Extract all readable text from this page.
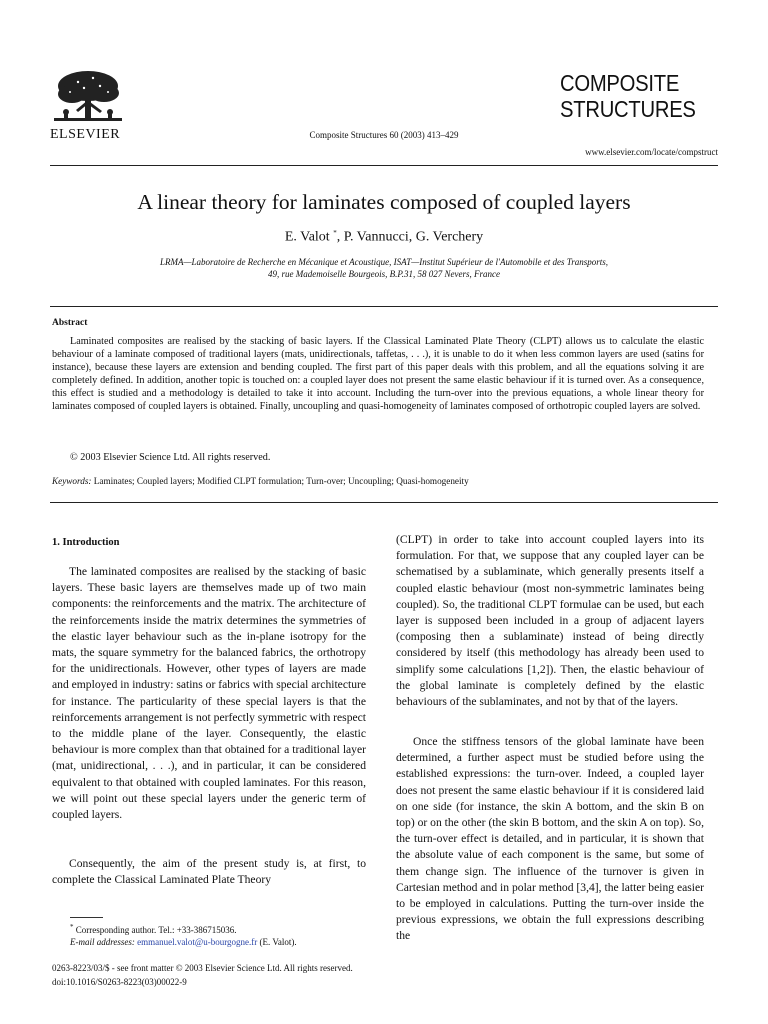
ELSEVIER	Composite Structures 60 (2003) 413–429
COMPOSITE
STRUCTURES
www.elsevier.com/locate/compstruct
A linear theory for laminates composed of coupled layers
E. Valot *, P. Vannucci, G. Verchery
LRMA—Laboratoire de Recherche en Mécanique et Acoustique, ISAT—Institut Supérieur de l'Automobile et des Transports,
49, rue Mademoiselle Bourgeois, B.P.31, 58 027 Nevers, France
Abstract
Laminated composites are realised by the stacking of basic layers. If the Classical Laminated Plate Theory (CLPT) allows us to calculate the elastic behaviour of a laminate composed of traditional layers (mats, unidirectionals, taffetas, . . .), it is unable to do it when less common layers are used (satins for instance), because these layers are extension and bending coupled. The first part of this paper deals with this problem, and all the equations solving it are completely defined. In addition, another topic is touched on: a coupled layer does not present the same elastic behaviour if it is turned over. As a consequence, this effect is studied and a methodology is detailed to take it into account. Including the turn-over into the previous equations, a whole linear theory for laminates composed of coupled layers is obtained. Finally, uncoupling and quasi-homogeneity of laminates composed of orthotropic coupled layers are solved.
© 2003 Elsevier Science Ltd. All rights reserved.
Keywords: Laminates; Coupled layers; Modified CLPT formulation; Turn-over; Uncoupling; Quasi-homogeneity
1. Introduction
The laminated composites are realised by the stacking of basic layers. These basic layers are themselves made up of two main components: the reinforcements and the matrix. The architecture of the reinforcements inside the matrix determines the symmetries of the elastic layer behaviour such as the in-plane isotropy for the mats, the square symmetry for the balanced fabrics, the orthotropy for the unidirectionals. However, other types of layers are made and employed in industry: satins or fabrics with special architecture for instance. The particularity of these special layers is that the reinforcements arrangement is not perfectly symmetric with respect to the middle plane of the layer. Consequently, the elastic behaviour is more complex than that obtained for a traditional layer (mat, unidirectional, . . .), and in particular, it can be considered equivalent to that obtained with coupled laminates. For this reason, we will point out these special layers under the generic term of coupled layers.
Consequently, the aim of the present study is, at first, to complete the Classical Laminated Plate Theory
(CLPT) in order to take into account coupled layers into its formulation. For that, we suppose that any coupled layer can be schematised by a sublaminate, which generally presents itself a coupled elastic behaviour (most non-symmetric laminates being coupled). So, the traditional CLPT formulae can be used, but each layer is supposed been included in a group of adjacent layers (composing then a sublaminate) instead of being directly considered by itself (this methodology has already been used to simplify some calculations [1,2]). Then, the elastic behaviour of the global laminate is completely defined by the elastic behaviours of the sublaminates, and not by that of the layers.
Once the stiffness tensors of the global laminate have been determined, a further aspect must be studied before using the established expressions: the turn-over. Indeed, a coupled layer does not present the same elastic behaviour if it is considered laid on one side (for instance, the skin A bottom, and the skin B on top) or on the other (the skin B bottom, and the skin A on top). So, the turn-over effect is detailed, and in particular, it is shown that the absolute value of each component is the same, but some of them change sign. The influence of the turnover is given in Cartesian method and in polar method [3,4], the latter being easier to be employed in calculations. Putting the turn-over inside the previous expressions, we obtain the full expressions describing the
* Corresponding author. Tel.: +33-386715036.
E-mail addresses: emmanuel.valot@u-bourgogne.fr (E. Valot).
0263-8223/03/$ - see front matter © 2003 Elsevier Science Ltd. All rights reserved.
doi:10.1016/S0263-8223(03)00022-9
